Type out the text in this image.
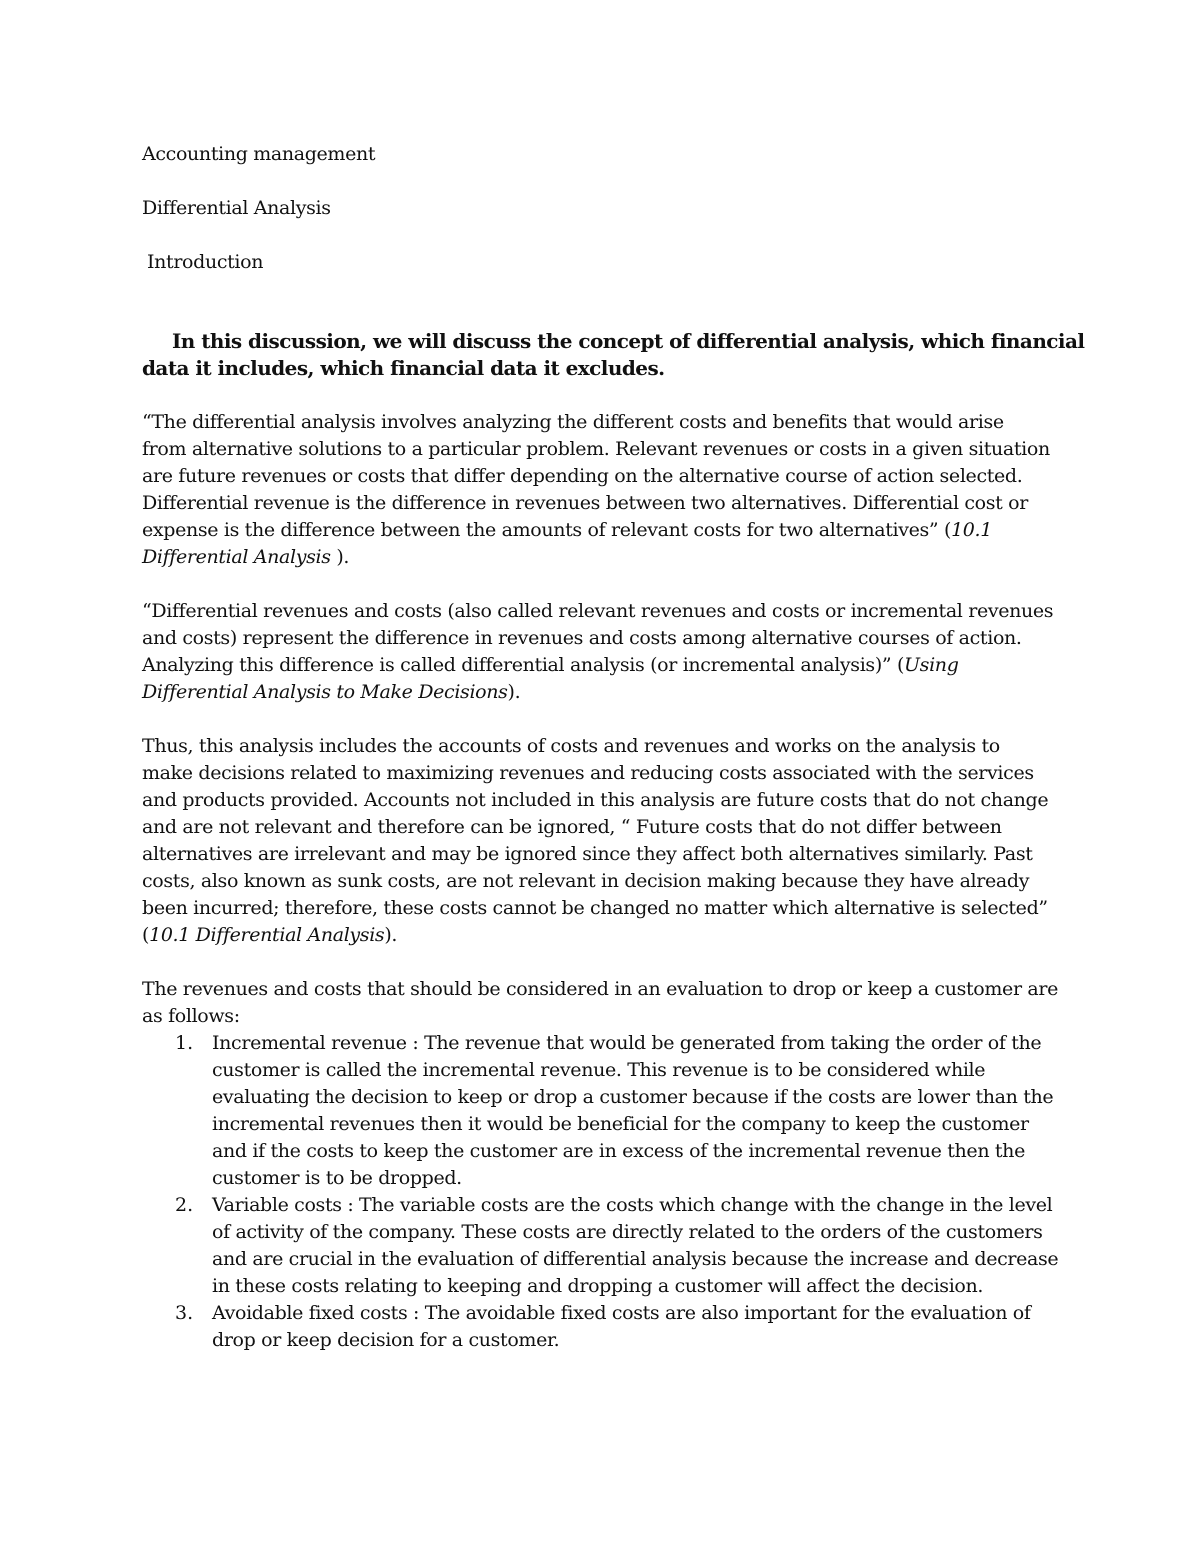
Accounting management
Differential Analysis
Introduction
In this discussion, we will discuss the concept of differential analysis, which financial
data it includes, which financial data it excludes.
“The differential analysis involves analyzing the different costs and benefits that would arise
from alternative solutions to a particular problem. Relevant revenues or costs in a given situation
are future revenues or costs that differ depending on the alternative course of action selected.
Differential revenue is the difference in revenues between two alternatives. Differential cost or
expense is the difference between the amounts of relevant costs for two alternatives” (10.1
Differential Analysis ).
“Differential revenues and costs (also called relevant revenues and costs or incremental revenues
and costs) represent the difference in revenues and costs among alternative courses of action.
Analyzing this difference is called differential analysis (or incremental analysis)” (Using
Differential Analysis to Make Decisions).
Thus, this analysis includes the accounts of costs and revenues and works on the analysis to
make decisions related to maximizing revenues and reducing costs associated with the services
and products provided. Accounts not included in this analysis are future costs that do not change
and are not relevant and therefore can be ignored, “ Future costs that do not differ between
alternatives are irrelevant and may be ignored since they affect both alternatives similarly. Past
costs, also known as sunk costs, are not relevant in decision making because they have already
been incurred; therefore, these costs cannot be changed no matter which alternative is selected”
(10.1 Differential Analysis).
The revenues and costs that should be considered in an evaluation to drop or keep a customer are
as follows:
1. Incremental revenue : The revenue that would be generated from taking the order of the
customer is called the incremental revenue. This revenue is to be considered while
evaluating the decision to keep or drop a customer because if the costs are lower than the
incremental revenues then it would be beneficial for the company to keep the customer
and if the costs to keep the customer are in excess of the incremental revenue then the
customer is to be dropped.
2. Variable costs : The variable costs are the costs which change with the change in the level
of activity of the company. These costs are directly related to the orders of the customers
and are crucial in the evaluation of differential analysis because the increase and decrease
in these costs relating to keeping and dropping a customer will affect the decision.
3. Avoidable fixed costs : The avoidable fixed costs are also important for the evaluation of
drop or keep decision for a customer.
